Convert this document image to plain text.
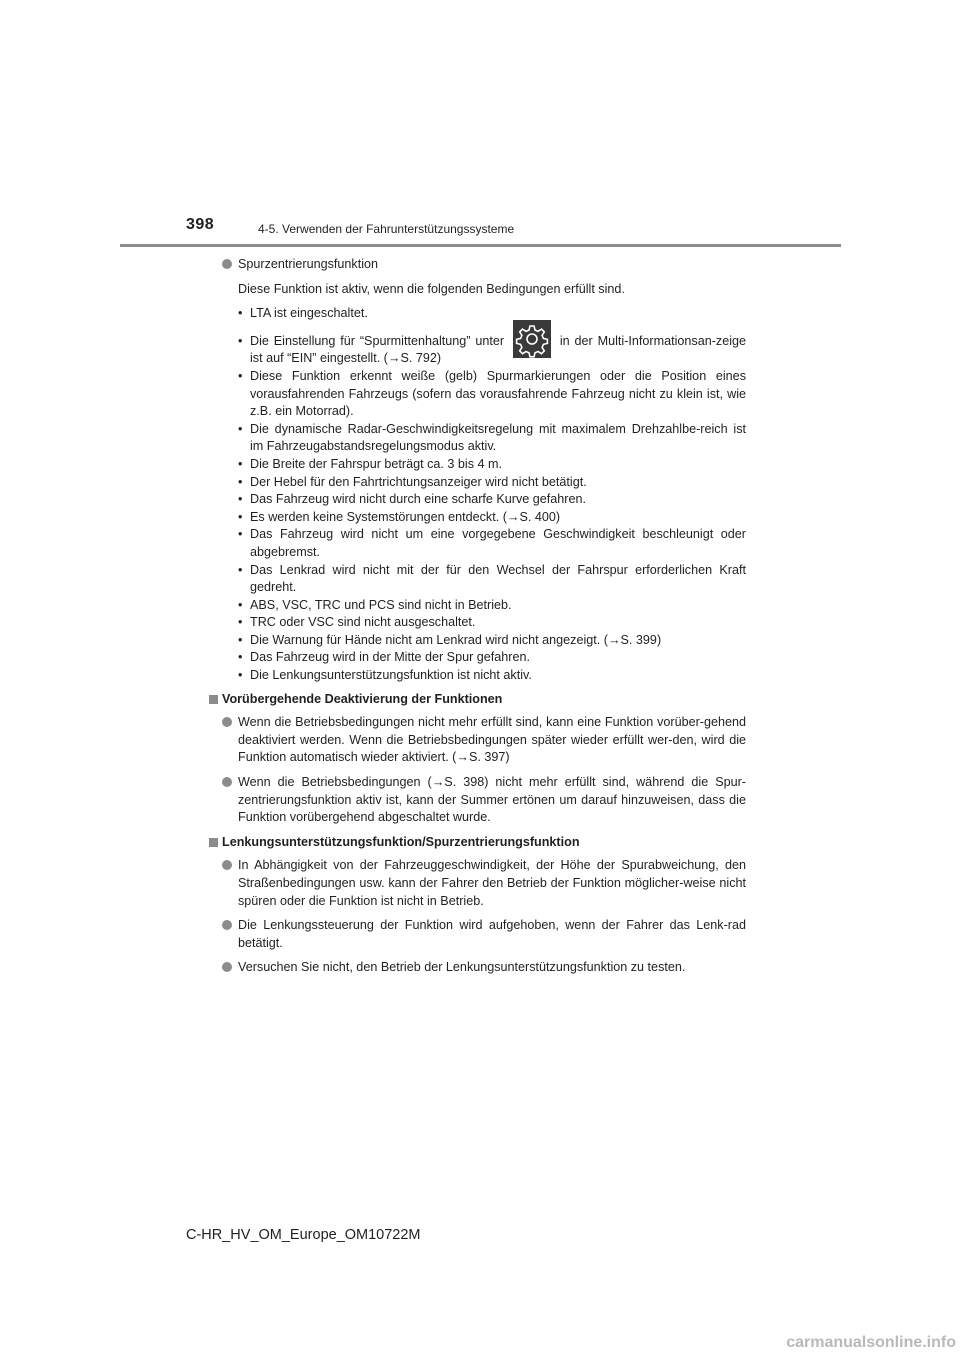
398	4-5. Verwenden der Fahrunterstützungssysteme
Spurzentrierungsfunktion

Diese Funktion ist aktiv, wenn die folgenden Bedingungen erfüllt sind.

• LTA ist eingeschaltet.
• Die Einstellung für “Spurmittenhaltung” unter	in der Multi-Informationsan-zeige ist auf “EIN” eingestellt. (→S. 792)
• Diese Funktion erkennt weiße (gelb) Spurmarkierungen oder die Position eines vorausfahrenden Fahrzeugs (sofern das vorausfahrende Fahrzeug nicht zu klein ist, wie z.B. ein Motorrad).
• Die dynamische Radar-Geschwindigkeitsregelung mit maximalem Drehzahlbe-reich ist im Fahrzeugabstandsregelungsmodus aktiv.
• Die Breite der Fahrspur beträgt ca. 3 bis 4 m.
• Der Hebel für den Fahrtrichtungsanzeiger wird nicht betätigt.
• Das Fahrzeug wird nicht durch eine scharfe Kurve gefahren.
• Es werden keine Systemstörungen entdeckt. (→S. 400)
• Das Fahrzeug wird nicht um eine vorgegebene Geschwindigkeit beschleunigt oder abgebremst.
• Das Lenkrad wird nicht mit der für den Wechsel der Fahrspur erforderlichen Kraft gedreht.
• ABS, VSC, TRC und PCS sind nicht in Betrieb.
• TRC oder VSC sind nicht ausgeschaltet.
• Die Warnung für Hände nicht am Lenkrad wird nicht angezeigt. (→S. 399)
• Das Fahrzeug wird in der Mitte der Spur gefahren.
• Die Lenkungsunterstützungsfunktion ist nicht aktiv.
Vorübergehende Deaktivierung der Funktionen
Wenn die Betriebsbedingungen nicht mehr erfüllt sind, kann eine Funktion vorüber-gehend deaktiviert werden. Wenn die Betriebsbedingungen später wieder erfüllt wer-den, wird die Funktion automatisch wieder aktiviert. (→S. 397)
Wenn die Betriebsbedingungen (→S. 398) nicht mehr erfüllt sind, während die Spur-zentrierungsfunktion aktiv ist, kann der Summer ertönen um darauf hinzuweisen, dass die Funktion vorübergehend abgeschaltet wurde.
Lenkungsunterstützungsfunktion/Spurzentrierungsfunktion
In Abhängigkeit von der Fahrzeuggeschwindigkeit, der Höhe der Spurabweichung, den Straßenbedingungen usw. kann der Fahrer den Betrieb der Funktion möglicher-weise nicht spüren oder die Funktion ist nicht in Betrieb.
Die Lenkungssteuerung der Funktion wird aufgehoben, wenn der Fahrer das Lenk-rad betätigt.
Versuchen Sie nicht, den Betrieb der Lenkungsunterstützungsfunktion zu testen.
C-HR_HV_OM_Europe_OM10722M
carmanualsonline.info
